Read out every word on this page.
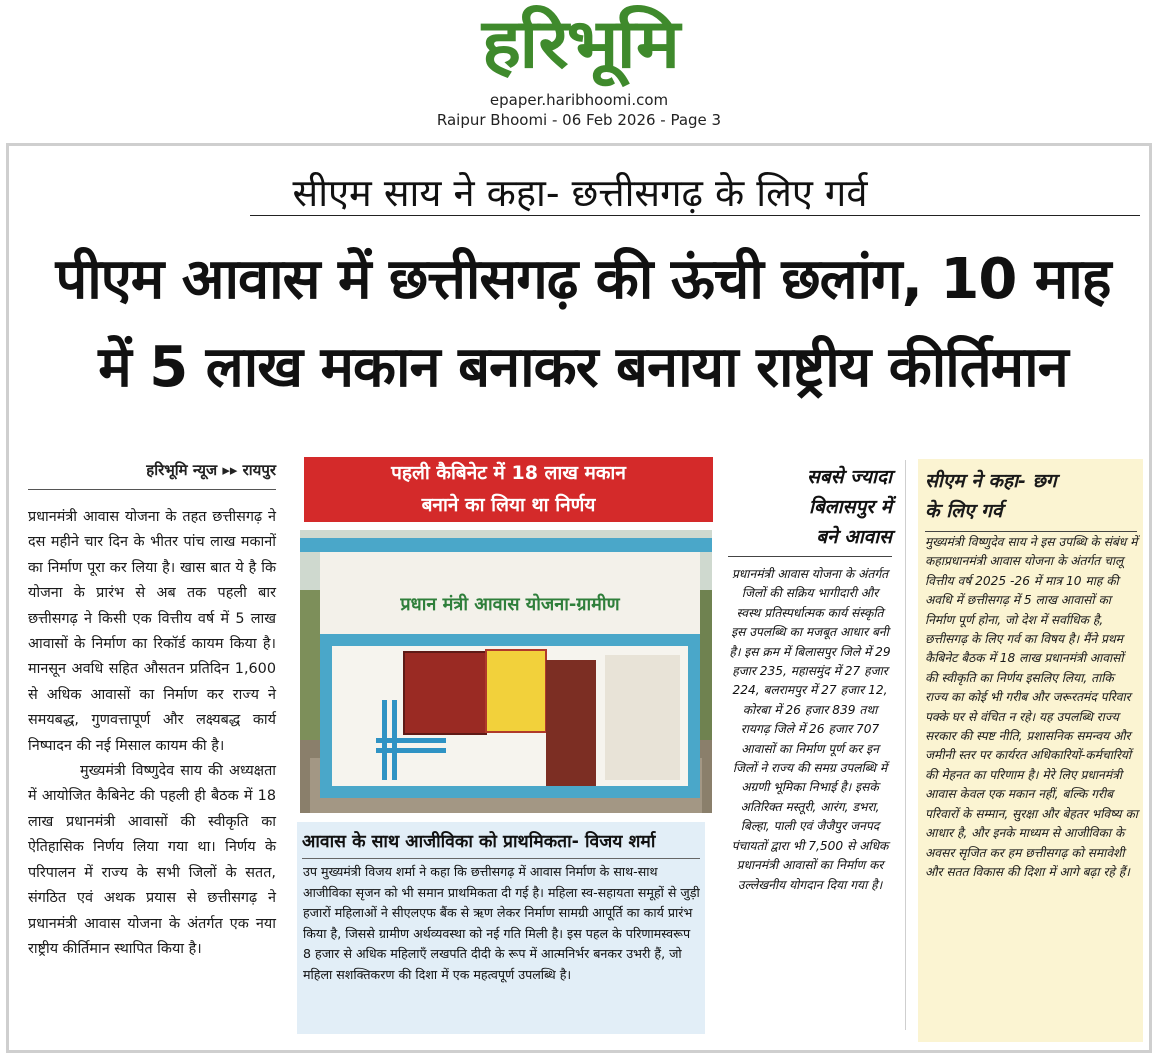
हरिभूमि
epaper.haribhoomi.com
Raipur Bhoomi - 06 Feb 2026 - Page 3
सीएम साय ने कहा- छत्तीसगढ़ के लिए गर्व
पीएम आवास में छत्तीसगढ़ की ऊंची छलांग, 10 माह
में 5 लाख मकान बनाकर बनाया राष्ट्रीय कीर्तिमान
हरिभूमि न्यूज ▸▸ रायपुर

प्रधानमंत्री आवास योजना के तहत छत्तीसगढ़ ने दस महीने चार दिन के भीतर पांच लाख मकानों का निर्माण पूरा कर लिया है। खास बात ये है कि योजना के प्रारंभ से अब तक पहली बार छत्तीसगढ़ ने किसी एक वित्तीय वर्ष में 5 लाख आवासों के निर्माण का रिकॉर्ड कायम किया है। मानसून अवधि सहित औसतन प्रतिदिन 1,600 से अधिक आवासों का निर्माण कर राज्य ने समयबद्ध, गुणवत्तापूर्ण और लक्ष्यबद्ध कार्य निष्पादन की नई मिसाल कायम की है।

मुख्यमंत्री विष्णुदेव साय की अध्यक्षता में आयोजित कैबिनेट की पहली ही बैठक में 18 लाख प्रधानमंत्री आवासों की स्वीकृति का ऐतिहासिक निर्णय लिया गया था। निर्णय के परिपालन में राज्य के सभी जिलों के सतत, संगठित एवं अथक प्रयास से छत्तीसगढ़ ने प्रधानमंत्री आवास योजना के अंतर्गत एक नया राष्ट्रीय कीर्तिमान स्थापित किया है।

पहली कैबिनेट में 18 लाख मकान
बनाने का लिया था निर्णय
प्रधान मंत्री आवास योजना-ग्रामीण
आवास के साथ आजीविका को प्राथमिकता- विजय शर्मा
उप मुख्यमंत्री विजय शर्मा ने कहा कि छत्तीसगढ़ में आवास निर्माण के साथ-साथ आजीविका सृजन को भी समान प्राथमिकता दी गई है। महिला स्व-सहायता समूहों से जुड़ी हजारों महिलाओं ने सीएलएफ बैंक से ऋण लेकर निर्माण सामग्री आपूर्ति का कार्य प्रारंभ किया है, जिससे ग्रामीण अर्थव्यवस्था को नई गति मिली है। इस पहल के परिणामस्वरूप 8 हजार से अधिक महिलाएँ लखपति दीदी के रूप में आत्मनिर्भर बनकर उभरी हैं, जो महिला सशक्तिकरण की दिशा में एक महत्वपूर्ण उपलब्धि है।
सबसे ज्यादा
बिलासपुर में
बने आवास
प्रधानमंत्री आवास योजना के अंतर्गत जिलों की सक्रिय भागीदारी और स्वस्थ प्रतिस्पर्धात्मक कार्य संस्कृति इस उपलब्धि का मजबूत आधार बनी है। इस क्रम में बिलासपुर जिले में 29 हजार 235, महासमुंद में 27 हजार 224, बलरामपुर में 27 हजार 12, कोरबा में 26 हजार 839 तथा रायगढ़ जिले में 26 हजार 707 आवासों का निर्माण पूर्ण कर इन जिलों ने राज्य की समग्र उपलब्धि में अग्रणी भूमिका निभाई है। इसके अतिरिक्त मस्तूरी, आरंग, डभरा, बिल्हा, पाली एवं जैजैपुर जनपद पंचायतों द्वारा भी 7,500 से अधिक प्रधानमंत्री आवासों का निर्माण कर उल्लेखनीय योगदान दिया गया है।
सीएम ने कहा- छग
के लिए गर्व
मुख्यमंत्री विष्णुदेव साय ने इस उपब्धि के संबंध में कहाप्रधानमंत्री आवास योजना के अंतर्गत चालू वित्तीय वर्ष 2025 -26 में मात्र 10 माह की अवधि में छत्तीसगढ़ में 5 लाख आवासों का निर्माण पूर्ण होना, जो देश में सर्वाधिक है, छत्तीसगढ़ के लिए गर्व का विषय है। मैंने प्रथम कैबिनेट बैठक में 18 लाख प्रधानमंत्री आवासों की स्वीकृति का निर्णय इसलिए लिया, ताकि राज्य का कोई भी गरीब और जरूरतमंद परिवार पक्के घर से वंचित न रहे। यह उपलब्धि राज्य सरकार की स्पष्ट नीति, प्रशासनिक समन्वय और जमीनी स्तर पर कार्यरत अधिकारियों-कर्मचारियों की मेहनत का परिणाम है। मेरे लिए प्रधानमंत्री आवास केवल एक मकान नहीं, बल्कि गरीब परिवारों के सम्मान, सुरक्षा और बेहतर भविष्य का आधार है, और इनके माध्यम से आजीविका के अवसर सृजित कर हम छत्तीसगढ़ को समावेशी और सतत विकास की दिशा में आगे बढ़ा रहे हैं।
